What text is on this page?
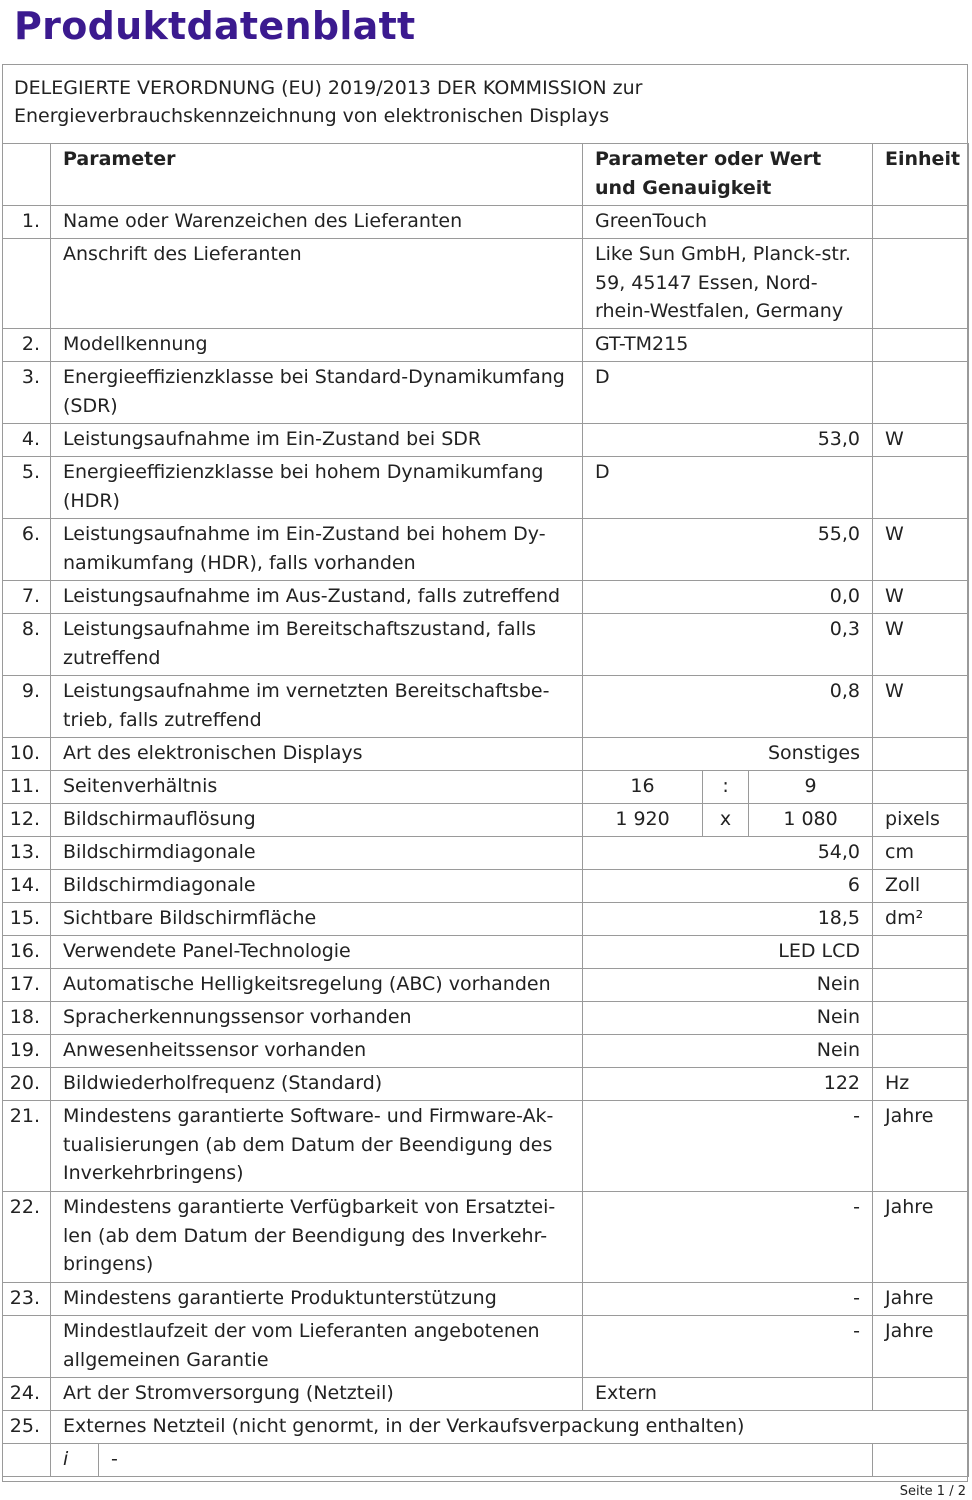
Produktdatenblatt
DELEGIERTE VERORDNUNG (EU) 2019/2013 DER KOMMISSION zur
Energieverbrauchskennzeichnung von elektronischen Displays
	Parameter		Parameter oder Wert und Genauigkeit			Einheit
1.	Name oder Warenzeichen des Lieferanten		GreenTouch			
	Anschrift des Lieferanten		Like Sun GmbH, Planck-str. 59, 45147 Essen, Nord-rhein-Westfalen, Germany			
2.	Modellkennung		GT-TM215			
3.	Energieeffizienzklasse bei Standard-Dynamikumfang (SDR)		D			
4.	Leistungsaufnahme im Ein-Zustand bei SDR		53,0			W
5.	Energieeffizienzklasse bei hohem Dynamikumfang (HDR)		D			
6.	Leistungsaufnahme im Ein-Zustand bei hohem Dy-namikumfang (HDR), falls vorhanden		55,0			W
7.	Leistungsaufnahme im Aus-Zustand, falls zutreffend		0,0			W
8.	Leistungsaufnahme im Bereitschaftszustand, falls zutreffend		0,3			W
9.	Leistungsaufnahme im vernetzten Bereitschaftsbe-trieb, falls zutreffend		0,8			W
10.	Art des elektronischen Displays		Sonstiges			
11.	Seitenverhältnis		16	:	9	
12.	Bildschirmauflösung		1 920	x	1 080	pixels
13.	Bildschirmdiagonale		54,0			cm
14.	Bildschirmdiagonale		6			Zoll
15.	Sichtbare Bildschirmfläche		18,5			dm²
16.	Verwendete Panel-Technologie		LED LCD			
17.	Automatische Helligkeitsregelung (ABC) vorhanden		Nein			
18.	Spracherkennungssensor vorhanden		Nein			
19.	Anwesenheitssensor vorhanden		Nein			
20.	Bildwiederholfrequenz (Standard)		122			Hz
21.	Mindestens garantierte Software- und Firmware-Ak-tualisierungen (ab dem Datum der Beendigung des Inverkehrbringens)		-			Jahre
22.	Mindestens garantierte Verfügbarkeit von Ersatztei-len (ab dem Datum der Beendigung des Inverkehr-bringens)		-			Jahre
23.	Mindestens garantierte Produktunterstützung		-			Jahre
	Mindestlaufzeit der vom Lieferanten angebotenen allgemeinen Garantie		-			Jahre
24.	Art der Stromversorgung (Netzteil)		Extern			
25.	Externes Netzteil (nicht genormt, in der Verkaufsverpackung enthalten)					
	i	-				
Seite 1 / 2
